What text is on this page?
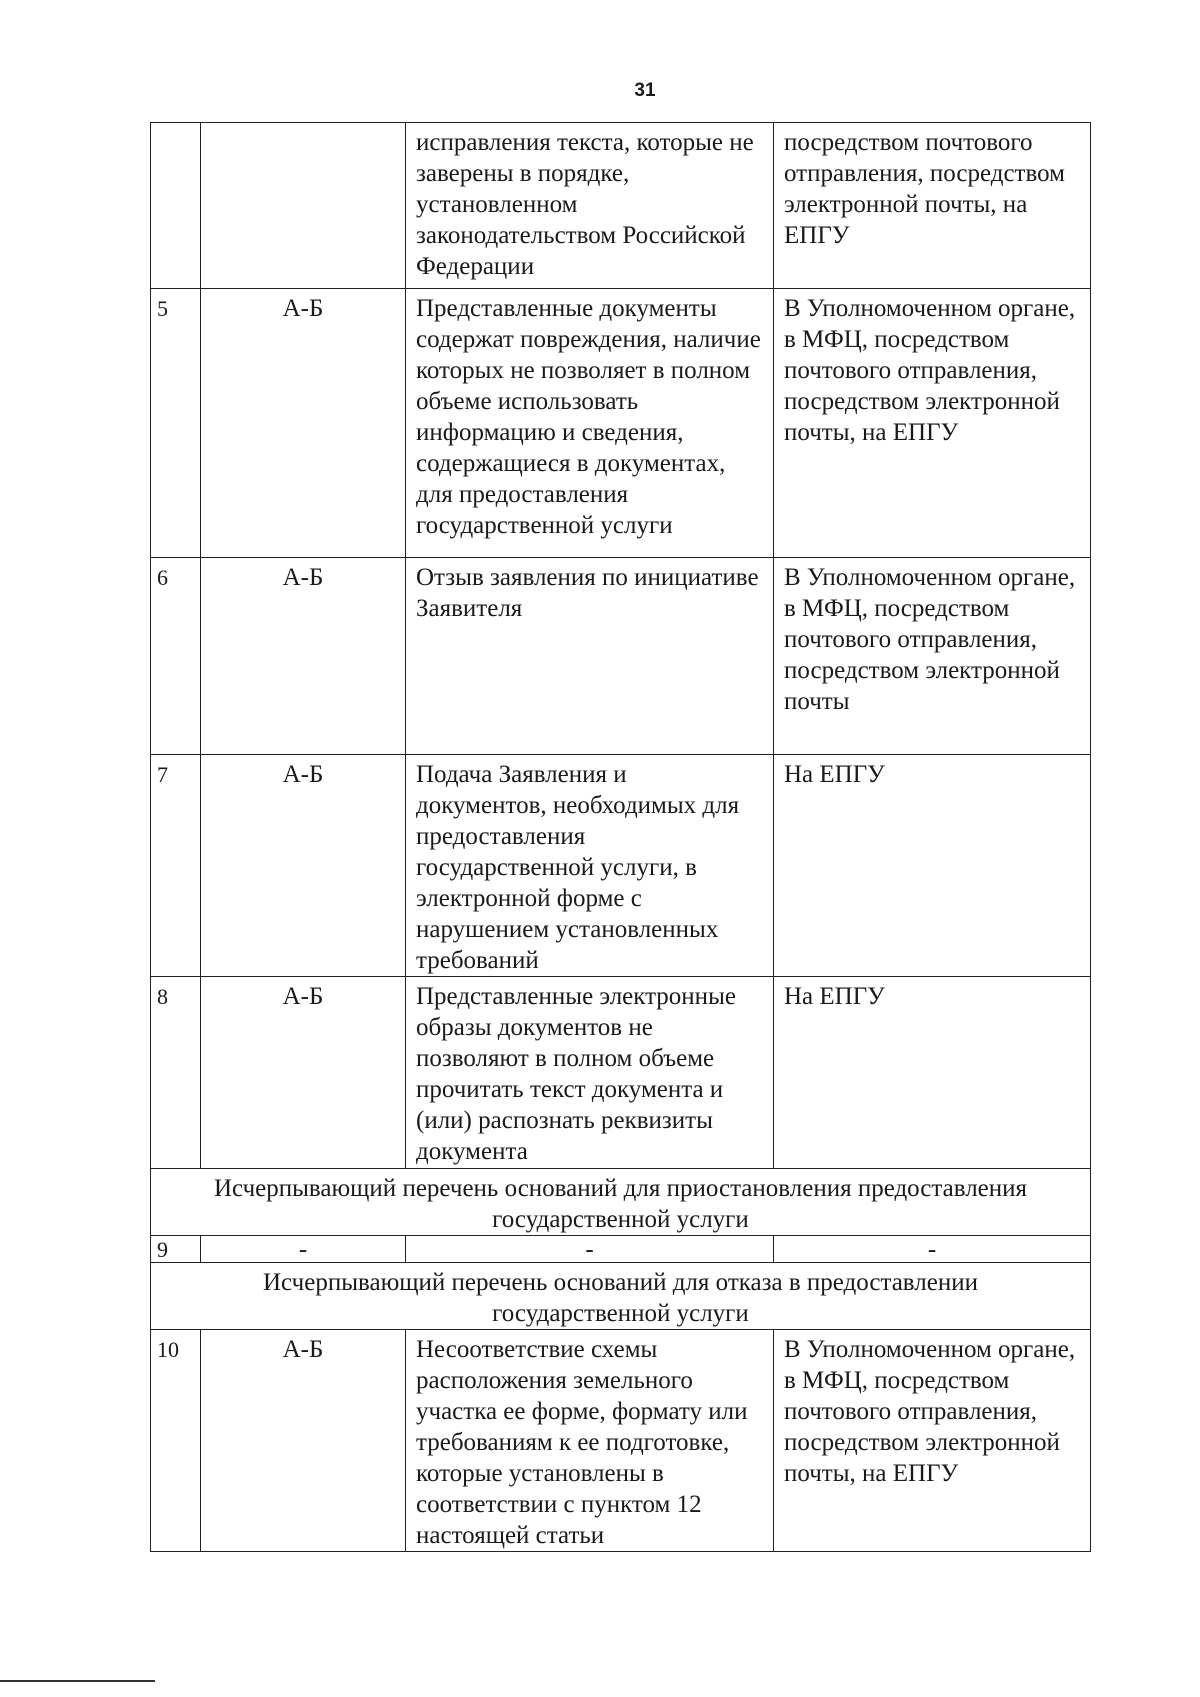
31
		исправления текста, которые не заверены в порядке, установленном законодательством Российской Федерации	посредством почтового отправления, посредством электронной почты, на ЕПГУ
5	А-Б	Представленные документы содержат повреждения, наличие которых не позволяет в полном объеме использовать информацию и сведения, содержащиеся в документах, для предоставления государственной услуги	В Уполномоченном органе, в МФЦ, посредством почтового отправления, посредством электронной почты, на ЕПГУ
6	А-Б	Отзыв заявления по инициативе Заявителя	В Уполномоченном органе, в МФЦ, посредством почтового отправления, посредством электронной почты
7	А-Б	Подача Заявления и документов, необходимых для предоставления государственной услуги, в электронной форме с нарушением установленных требований	На ЕПГУ
8	А-Б	Представленные электронные образы документов не позволяют в полном объеме прочитать текст документа и (или) распознать реквизиты документа	На ЕПГУ
Исчерпывающий перечень оснований для приостановления предоставления государственной услуги			
9	-	-	-
Исчерпывающий перечень оснований для отказа в предоставлении государственной услуги			
10	А-Б	Несоответствие схемы расположения земельного участка ее форме, формату или требованиям к ее подготовке, которые установлены в соответствии с пунктом 12 настоящей статьи	В Уполномоченном органе, в МФЦ, посредством почтового отправления, посредством электронной почты, на ЕПГУ
